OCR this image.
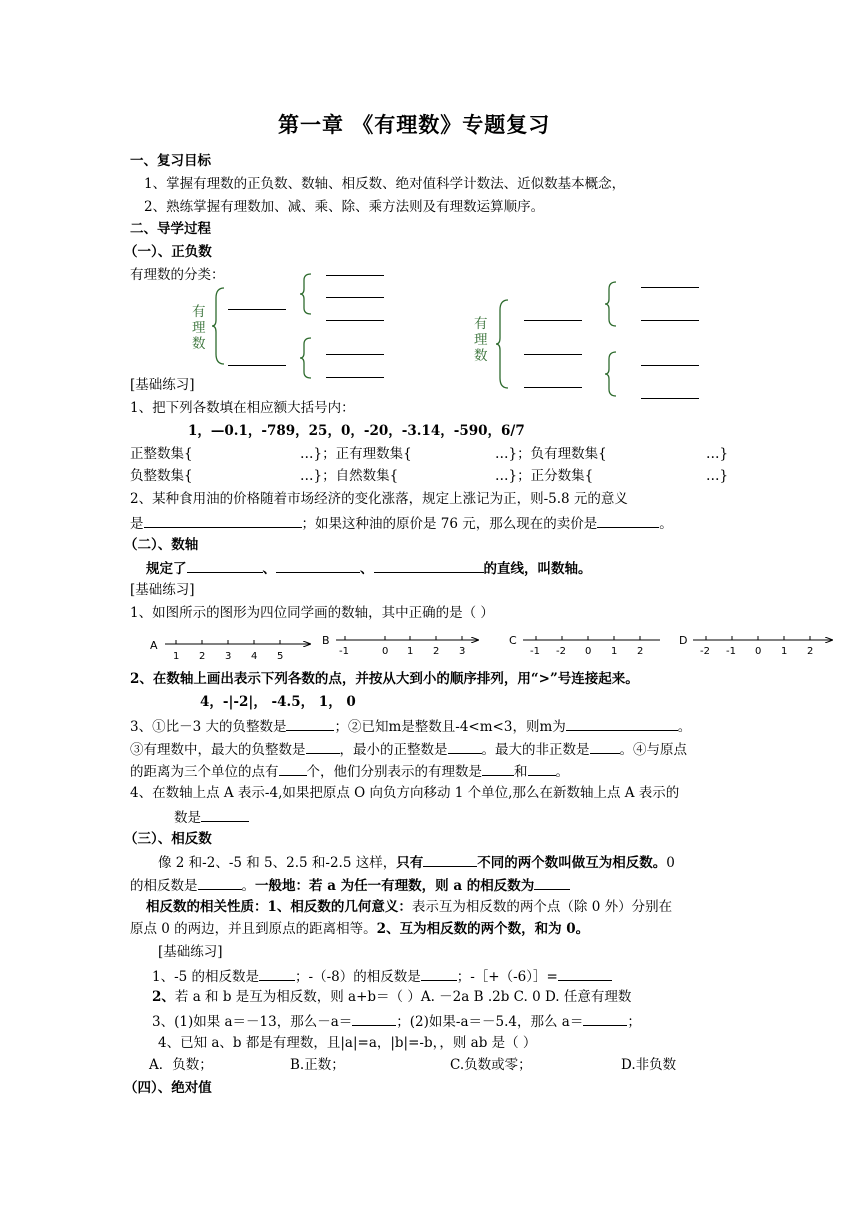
第一章 《有理数》专题复习
一、复习目标
1、掌握有理数的正负数、数轴、相反数、绝对值科学计数法、近似数基本概念，
2、熟练掌握有理数加、减、乘、除、乘方法则及有理数运算顺序。
二、导学过程
（一）、正负数
有理数的分类：
有
理
数
有
理
数
[基础练习]
1、把下列各数填在相应额大括号内：
1，—0.1，-789，25，0，-20，-3.14，-590，6/7
正整数集{	…}；正有理数集{	…}；负有理数集{	…}
负整数集{	…}；自然数集{	…}；正分数集{	…}
2、某种食用油的价格随着市场经济的变化涨落，规定上涨记为正，则-5.8 元的意义
是	；如果这种油的原价是 76 元，那么现在的卖价是	。
（二）、数轴
规定了	、	、	的直线，叫数轴。
[基础练习]
1、如图所示的图形为四位同学画的数轴，其中正确的是（ ）
A
1 2 3 4 5
B
-1	0 1 2 3
C
-1 -2 0 1 2
D
-2 -1 0 1 2
2、在数轴上画出表示下列各数的点，并按从大到小的顺序排列，用“>”号连接起来。
4，-|-2|， -4.5， 1， 0
3、①比－3 大的负整数是	；②已知m是整数且-4<m<3，则m为	。
③有理数中，最大的负整数是	，最小的正整数是	。最大的非正数是 。④与原点
的距离为三个单位的点有 个，他们分别表示的有理数是 和 。
4、在数轴上点 A 表示-4,如果把原点 O 向负方向移动 1 个单位,那么在新数轴上点 A 表示的
数是
（三）、相反数
像 2 和-2、-5 和 5、2.5 和-2.5 这样，只有	不同的两个数叫做互为相反数。0
的相反数是	。一般地：若 a 为任一有理数，则 a 的相反数为
相反数的相关性质：1、相反数的几何意义：表示互为相反数的两个点（除 0 外）分别在
原点 0 的两边，并且到原点的距离相等。2、互为相反数的两个数，和为 0。
[基础练习]
1、-5 的相反数是	；-（-8）的相反数是	；-［+（-6）］=
2、若 a 和 b 是互为相反数，则 a+b＝（ ）A. －2a B .2b C. 0 D. 任意有理数
3、(1)如果 a＝－13，那么－a＝	；(2)如果-a＝－5.4，那么 a＝	；
4、已知 a、b 都是有理数，且|a|=a，|b|=-b，，则 ab 是（ ）
A．负数；	B.正数；	C.负数或零；	D.非负数
（四）、绝对值
